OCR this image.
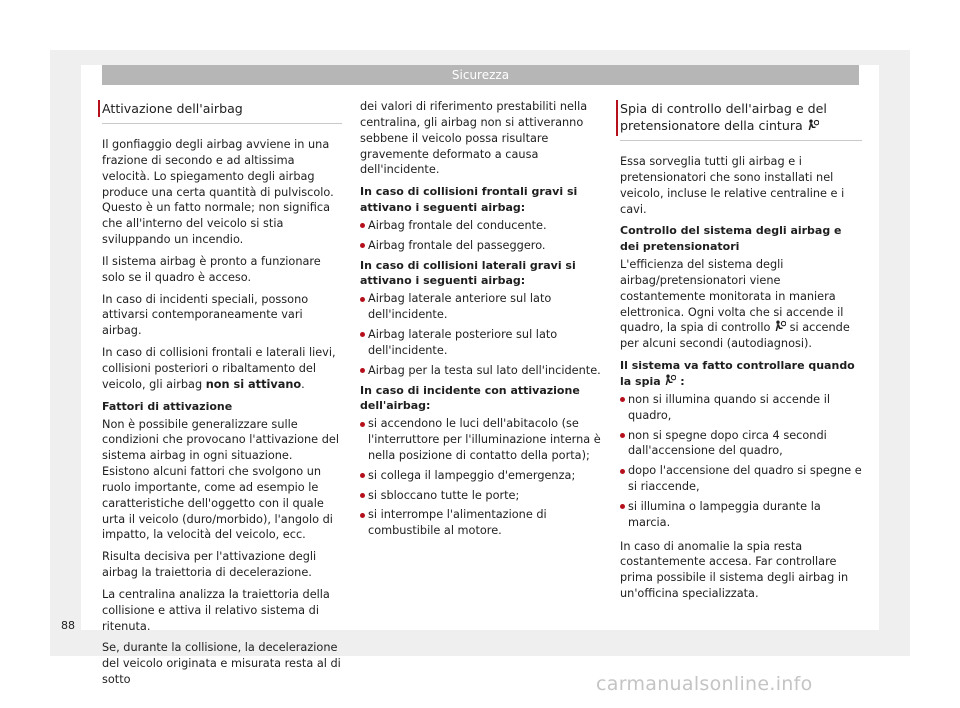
Sicurezza
Attivazione dell'airbag

Il gonfiaggio degli airbag avviene in una frazione di secondo e ad altissima velocità. Lo spiegamento degli airbag produce una certa quantità di pulviscolo. Questo è un fatto normale; non significa che all'interno del veicolo si stia sviluppando un incendio.

Il sistema airbag è pronto a funzionare solo se il quadro è acceso.

In caso di incidenti speciali, possono attivarsi contemporaneamente vari airbag.

In caso di collisioni frontali e laterali lievi, collisioni posteriori o ribaltamento del veicolo, gli airbag non si attivano.

Fattori di attivazione

Non è possibile generalizzare sulle condizioni che provocano l'attivazione del sistema airbag in ogni situazione. Esistono alcuni fattori che svolgono un ruolo importante, come ad esempio le caratteristiche dell'oggetto con il quale urta il veicolo (duro/morbido), l'angolo di impatto, la velocità del veicolo, ecc.

Risulta decisiva per l'attivazione degli airbag la traiettoria di decelerazione.

La centralina analizza la traiettoria della collisione e attiva il relativo sistema di ritenuta.

Se, durante la collisione, la decelerazione del veicolo originata e misurata resta al di sotto

dei valori di riferimento prestabiliti nella centralina, gli airbag non si attiveranno sebbene il veicolo possa risultare gravemente deformato a causa dell'incidente.

In caso di collisioni frontali gravi si attivano i seguenti airbag:
Airbag frontale del conducente.
Airbag frontale del passeggero.
In caso di collisioni laterali gravi si attivano i seguenti airbag:
Airbag laterale anteriore sul lato dell'incidente.
Airbag laterale posteriore sul lato dell'incidente.
Airbag per la testa sul lato dell'incidente.
In caso di incidente con attivazione dell'airbag:
si accendono le luci dell'abitacolo (se l'interruttore per l'illuminazione interna è nella posizione di contatto della porta);
si collega il lampeggio d'emergenza;
si sbloccano tutte le porte;
si interrompe l'alimentazione di combustibile al motore.
Spia di controllo dell'airbag e del pretensionatore della cintura

Essa sorveglia tutti gli airbag e i pretensionatori che sono installati nel veicolo, incluse le relative centraline e i cavi.

Controllo del sistema degli airbag e dei pretensionatori

L'efficienza del sistema degli airbag/pretensionatori viene costantemente monitorata in maniera elettronica. Ogni volta che si accende il quadro, la spia di controllo  si accende per alcuni secondi (autodiagnosi).

Il sistema va fatto controllare quando la spia  :
non si illumina quando si accende il quadro,
non si spegne dopo circa 4 secondi dall'accensione del quadro,
dopo l'accensione del quadro si spegne e si riaccende,
si illumina o lampeggia durante la marcia.

In caso di anomalie la spia resta costantemente accesa. Far controllare prima possibile il sistema degli airbag in un'officina specializzata.

88
carmanualsonline.info
